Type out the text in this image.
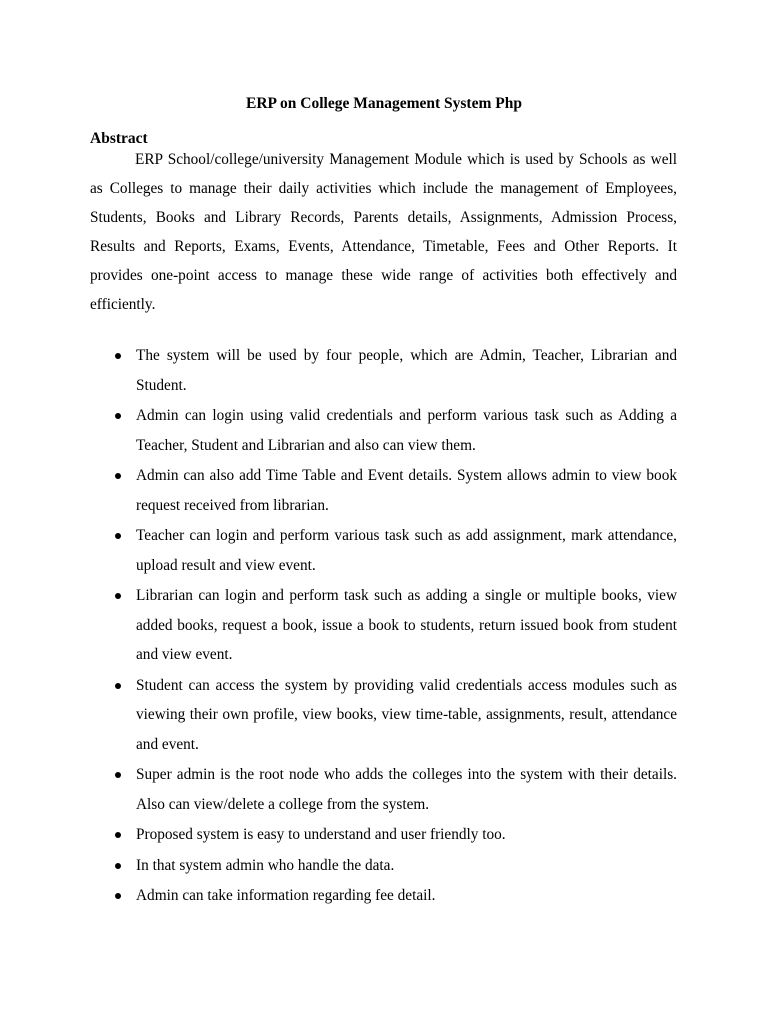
ERP on College Management System Php
Abstract

ERP School/college/university Management Module which is used by Schools as well as Colleges to manage their daily activities which include the management of Employees, Students, Books and Library Records, Parents details, Assignments, Admission Process, Results and Reports, Exams, Events, Attendance, Timetable, Fees and Other Reports. It provides one-point access to manage these wide range of activities both effectively and efficiently.

The system will be used by four people, which are Admin, Teacher, Librarian and Student.
Admin can login using valid credentials and perform various task such as Adding a Teacher, Student and Librarian and also can view them.
Admin can also add Time Table and Event details. System allows admin to view book request received from librarian.
Teacher can login and perform various task such as add assignment, mark attendance, upload result and view event.
Librarian can login and perform task such as adding a single or multiple books, view added books, request a book, issue a book to students, return issued book from student and view event.
Student can access the system by providing valid credentials access modules such as viewing their own profile, view books, view time-table, assignments, result, attendance and event.
Super admin is the root node who adds the colleges into the system with their details. Also can view/delete a college from the system.
Proposed system is easy to understand and user friendly too.
In that system admin who handle the data.
Admin can take information regarding fee detail.
